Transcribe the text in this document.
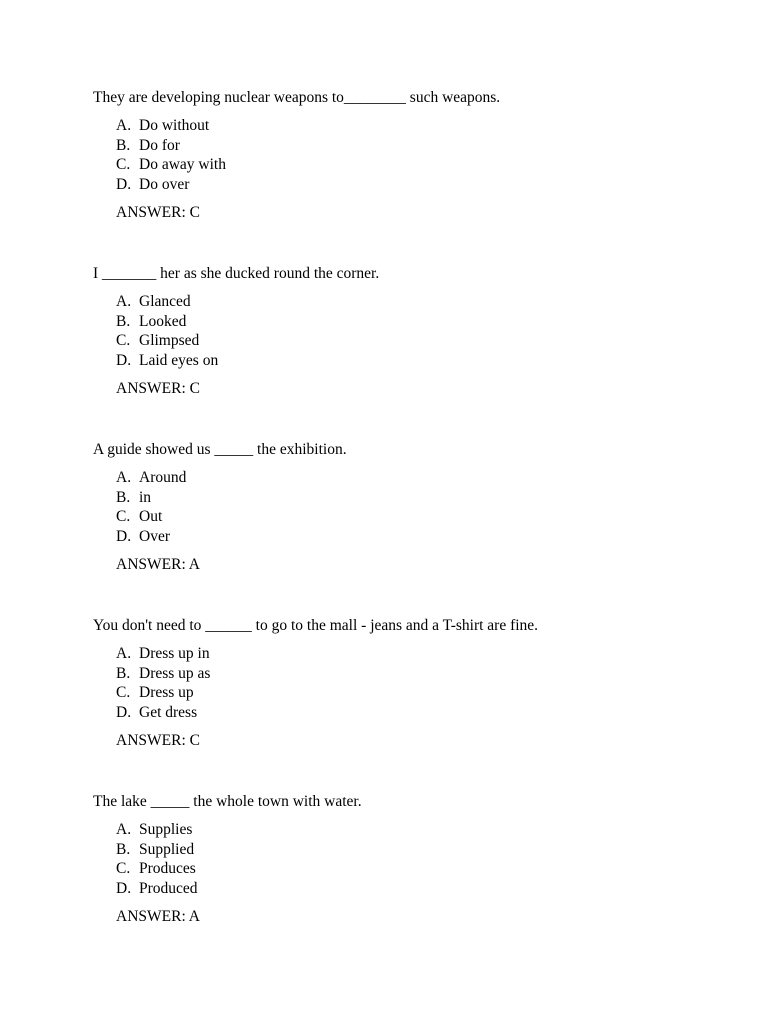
They are developing nuclear weapons to________ such weapons.
A. Do without
B. Do for
C. Do away with
D. Do over
ANSWER: C
I _______ her as she ducked round the corner.
A. Glanced
B. Looked
C. Glimpsed
D. Laid eyes on
ANSWER: C
A guide showed us _____ the exhibition.
A. Around
B. in
C. Out
D. Over
ANSWER: A
You don't need to ______ to go to the mall - jeans and a T-shirt are fine.
A. Dress up in
B. Dress up as
C. Dress up
D. Get dress
ANSWER: C
The lake _____ the whole town with water.
A. Supplies
B. Supplied
C. Produces
D. Produced
ANSWER: A
